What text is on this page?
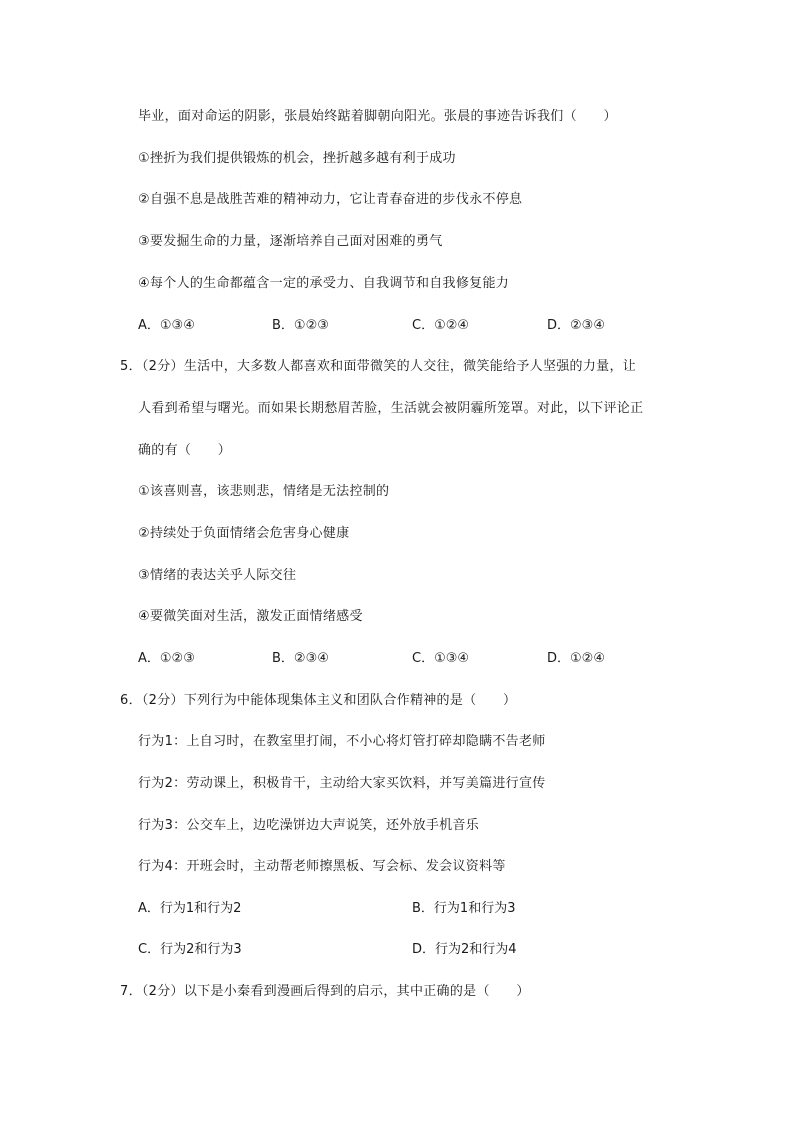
毕业，面对命运的阴影，张晨始终踮着脚朝向阳光。张晨的事迹告诉我们（　　）
①挫折为我们提供锻炼的机会，挫折越多越有利于成功
②自强不息是战胜苦难的精神动力，它让青春奋进的步伐永不停息
③要发掘生命的力量，逐渐培养自己面对困难的勇气
④每个人的生命都蕴含一定的承受力、自我调节和自我修复能力
A．①③④	B．①②③	C．①②④	D．②③④
5．（2分）生活中，大多数人都喜欢和面带微笑的人交往，微笑能给予人坚强的力量，让
人看到希望与曙光。而如果长期愁眉苦脸，生活就会被阴霾所笼罩。对此，以下评论正
确的有（　　）
①该喜则喜，该悲则悲，情绪是无法控制的
②持续处于负面情绪会危害身心健康
③情绪的表达关乎人际交往
④要微笑面对生活，激发正面情绪感受
A．①②③	B．②③④	C．①③④	D．①②④
6．（2分）下列行为中能体现集体主义和团队合作精神的是（　　）
行为1：上自习时，在教室里打闹，不小心将灯管打碎却隐瞒不告老师
行为2：劳动课上，积极肯干，主动给大家买饮料，并写美篇进行宣传
行为3：公交车上，边吃澡饼边大声说笑，还外放手机音乐
行为4：开班会时，主动帮老师擦黑板、写会标、发会议资料等
A．行为1和行为2	B．行为1和行为3
C．行为2和行为3	D．行为2和行为4
7．（2分）以下是小秦看到漫画后得到的启示，其中正确的是（　　）
